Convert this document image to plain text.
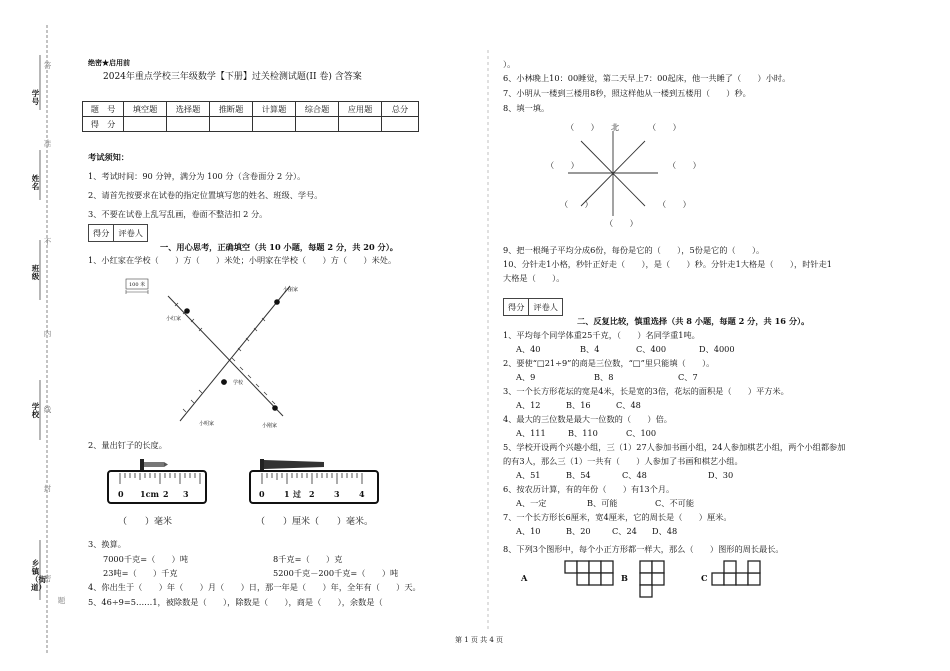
学号
姓名
班级
学校
乡镇（街道）
答
准
不
内
线
封
密
题
绝密★启用前
2024年重点学校三年级数学【下册】过关检测试题(II 卷) 含答案
题　号	填空题	选择题	推断题	计算题	综合题	应用题	总分
得　分							
考试须知：
1、考试时间：90 分钟，满分为 100 分（含卷面分 2 分）。
2、请首先按要求在试卷的指定位置填写您的姓名、班级、学号。
3、不要在试卷上乱写乱画，卷面不整洁扣 2 分。
得分	评卷人
一、用心思考，正确填空（共 10 小题，每题 2 分，共 20 分）。
1、小红家在学校（　　）方（　　）米处；小明家在学校（　　）方（　　）米处。
100 米
小丽家
小红家
学校
小刚家
小明家
2、量出钉子的长度。
0 1cm 2 3
（　　）毫米
0 1 过 2 3 4
（　　）厘米（　　）毫米。
3、换算。
7000千克=（　　）吨	8千克=（　　）克
23吨=（　　）千克	5200千克－200千克=（　　）吨
4、你出生于（　　）年（　　）月（　　）日，那一年是（　　）年，全年有（　　）天。
5、46÷9=5……1，被除数是（　　），除数是（　　），商是（　　），余数是（
）。
6、小林晚上10：00睡觉，第二天早上7：00起床，他一共睡了（　　）小时。
7、小明从一楼到三楼用8秒，照这样他从一楼到五楼用（　　）秒。
8、填一填。
（　　） 北	（　　）
（　　）	（　　）
（　　）	（　　）
（　　）
9、把一根绳子平均分成6份，每份是它的（　　），5份是它的（　　）。
10、分针走1小格，秒针正好走（　　），是（　　）秒。分针走1大格是（　　），时针走1
大格是（　　）。
得分	评卷人
二、反复比较，慎重选择（共 8 小题，每题 2 分，共 16 分）。
1、平均每个同学体重25千克，（　　）名同学重1吨。
A、40	B、4	C、400	D、4000
2、要使“□21÷9”的商是三位数，“□”里只能填（　　）。
A、9	B、8	C、7
3、一个长方形花坛的宽是4米，长是宽的3倍，花坛的面积是（　　）平方米。
A、12	B、16	C、48
4、最大的三位数是最大一位数的（　　）倍。
A、111	B、110	C、100
5、学校开设两个兴趣小组，三（1）27人参加书画小组，24人参加棋艺小组，两个小组都参加
的有3人，那么三（1）一共有（　　）人参加了书画和棋艺小组。
A、51	B、54	C、48	D、30
6、按农历计算，有的年份（　　）有13个月。
A、一定	B、可能	C、不可能
7、一个长方形长6厘米，宽4厘米，它的周长是（　　）厘米。
A、10	B、20	C、24 D、48
8、下列3个图形中，每个小正方形都一样大，那么（　　）图形的周长最长。
A	B	C
第 1 页 共 4 页
